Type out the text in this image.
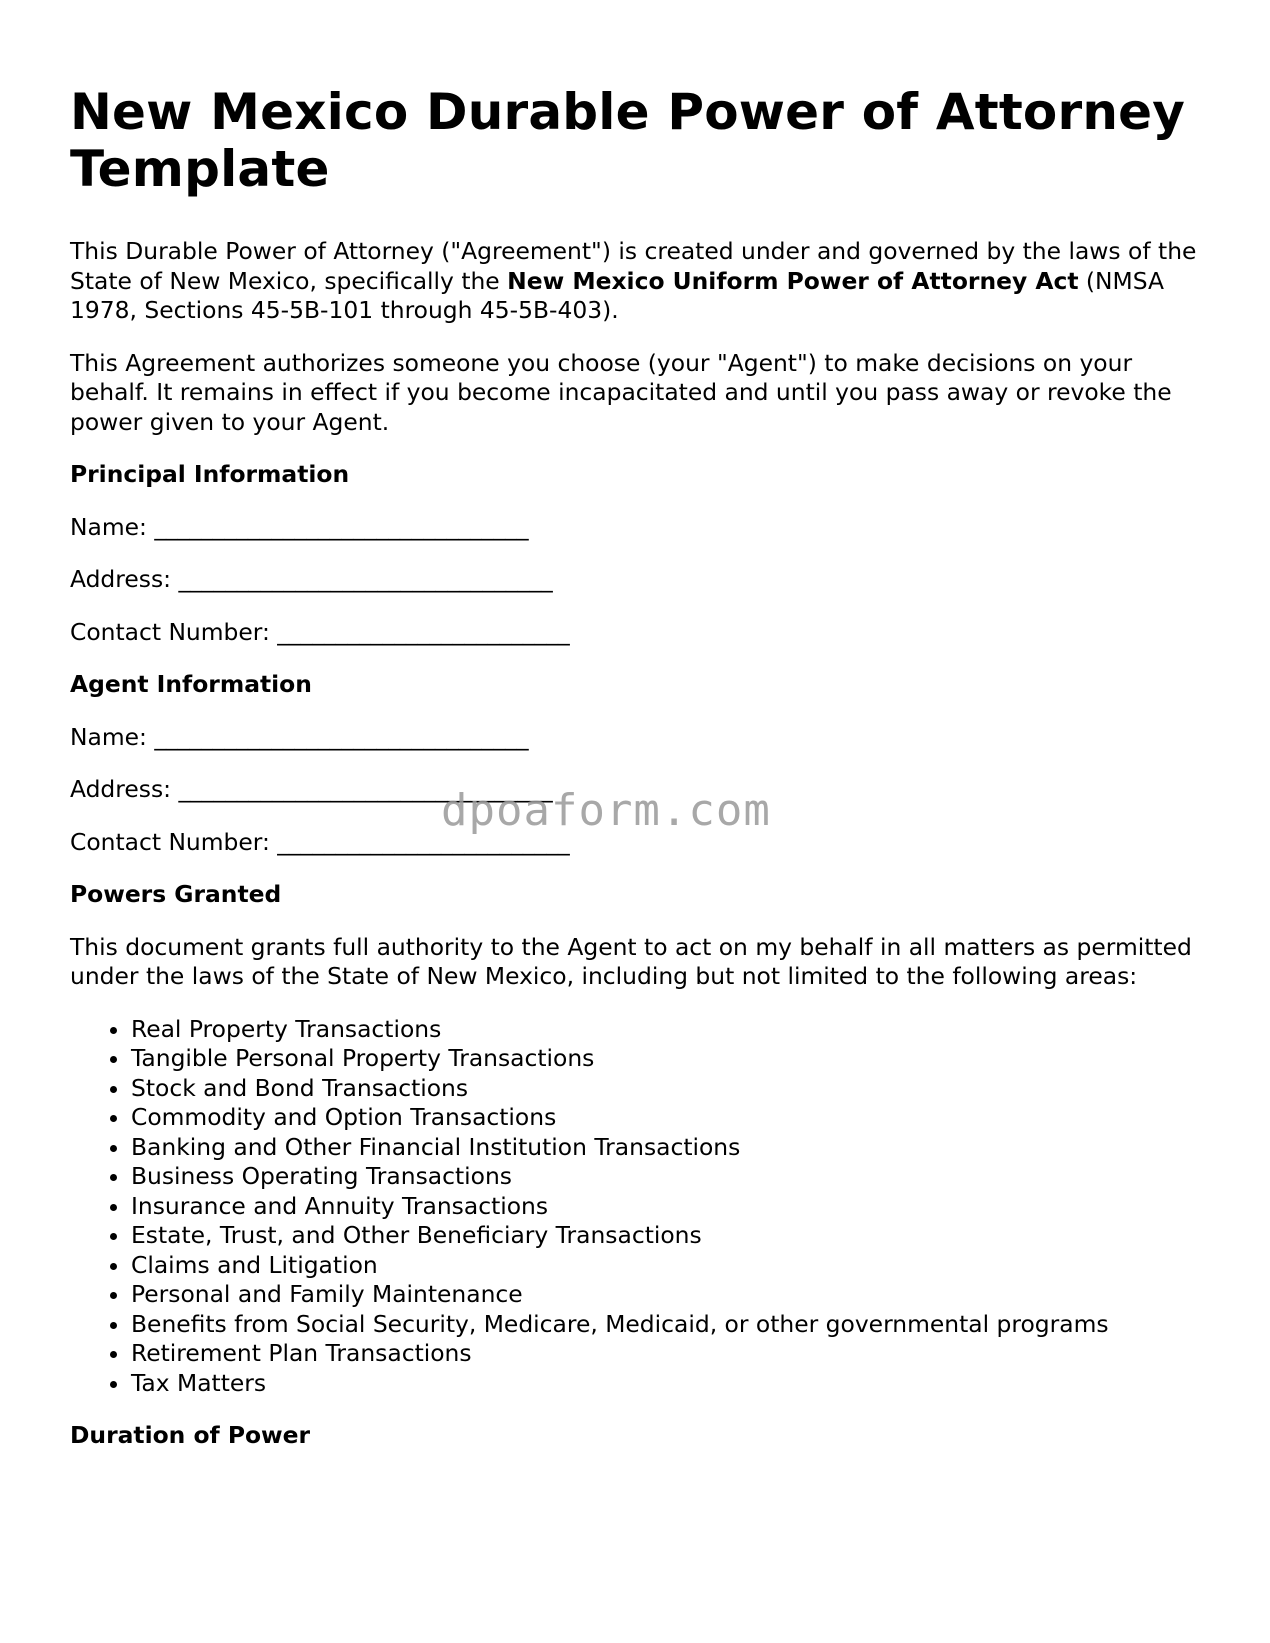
New Mexico Durable Power of Attorney Template

This Durable Power of Attorney ("Agreement") is created under and governed by the laws of the State of New Mexico, specifically the New Mexico Uniform Power of Attorney Act (NMSA 1978, Sections 45-5B-101 through 45-5B-403).

This Agreement authorizes someone you choose (your "Agent") to make decisions on your behalf. It remains in effect if you become incapacitated and until you pass away or revoke the power given to your Agent.

Principal Information
Name: ________________________________
Address: ________________________________
Contact Number: _________________________
Agent Information
Name: ________________________________
Address: ________________________________
Contact Number: _________________________
Powers Granted

This document grants full authority to the Agent to act on my behalf in all matters as permitted under the laws of the State of New Mexico, including but not limited to the following areas:

• Real Property Transactions
• Tangible Personal Property Transactions
• Stock and Bond Transactions
• Commodity and Option Transactions
• Banking and Other Financial Institution Transactions
• Business Operating Transactions
• Insurance and Annuity Transactions
• Estate, Trust, and Other Beneficiary Transactions
• Claims and Litigation
• Personal and Family Maintenance
• Benefits from Social Security, Medicare, Medicaid, or other governmental programs
• Retirement Plan Transactions
• Tax Matters
Duration of Power
dpoaform.com
